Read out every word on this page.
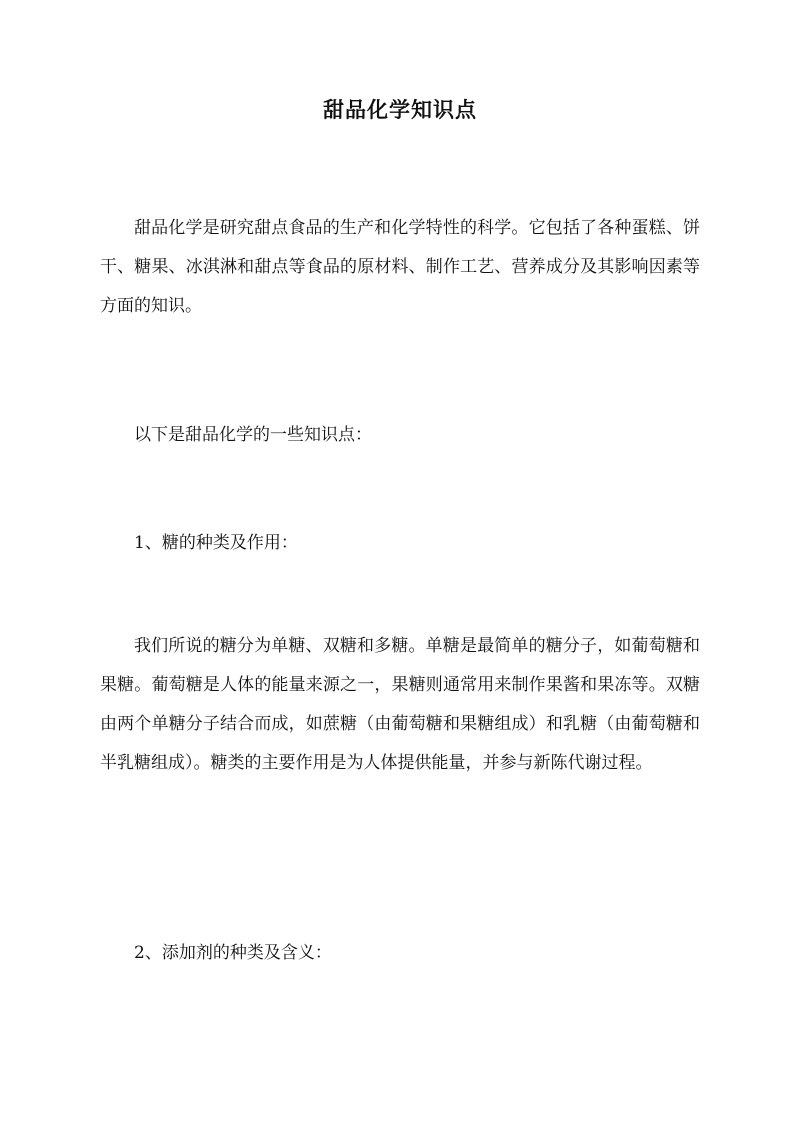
甜品化学知识点

甜品化学是研究甜点食品的生产和化学特性的科学。它包括了各种蛋糕、饼干、糖果、冰淇淋和甜点等食品的原材料、制作工艺、营养成分及其影响因素等方面的知识。

以下是甜品化学的一些知识点：

1、糖的种类及作用：

我们所说的糖分为单糖、双糖和多糖。单糖是最简单的糖分子，如葡萄糖和果糖。葡萄糖是人体的能量来源之一，果糖则通常用来制作果酱和果冻等。双糖由两个单糖分子结合而成，如蔗糖（由葡萄糖和果糖组成）和乳糖（由葡萄糖和半乳糖组成）。糖类的主要作用是为人体提供能量，并参与新陈代谢过程。

2、添加剂的种类及含义：
